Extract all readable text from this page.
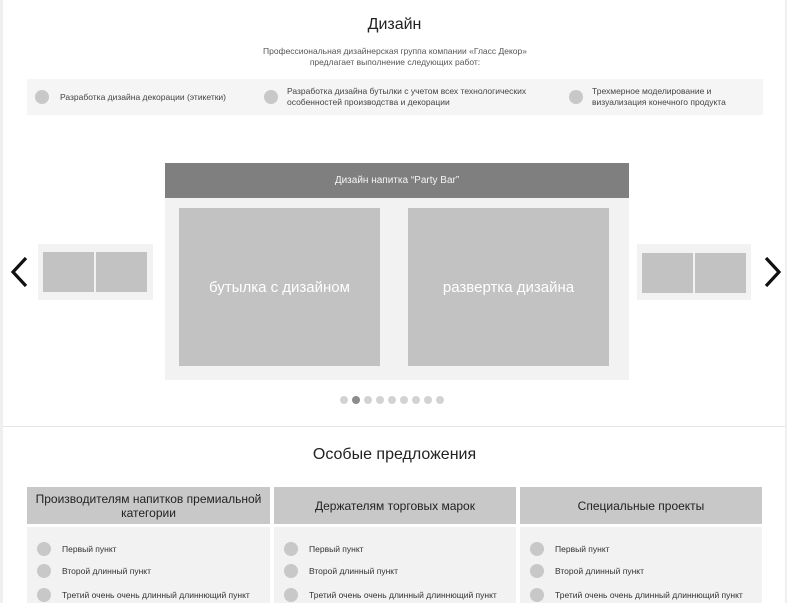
Дизайн
Профессиональная дизайнерская группа компании «Гласс Декор» предлагает выполнение следующих работ:
Разработка дизайна декорации (этикетки)
Разработка дизайна бутылки с учетом всех технологических особенностей производства и декорации
Трехмерное моделирование и визуализация конечного продукта
Дизайн напитка “Party Bar”
бутылка с дизайном	развертка дизайна
Особые предложения
Производителям напитков премиальной категории
Первый пункт
Второй длинный пункт
Третий очень очень длинный длиннющий пункт
Держателям торговых марок
Первый пункт
Второй длинный пункт
Третий очень очень длинный длиннющий пункт
Специальные проекты
Первый пункт
Второй длинный пункт
Третий очень очень длинный длиннющий пункт
